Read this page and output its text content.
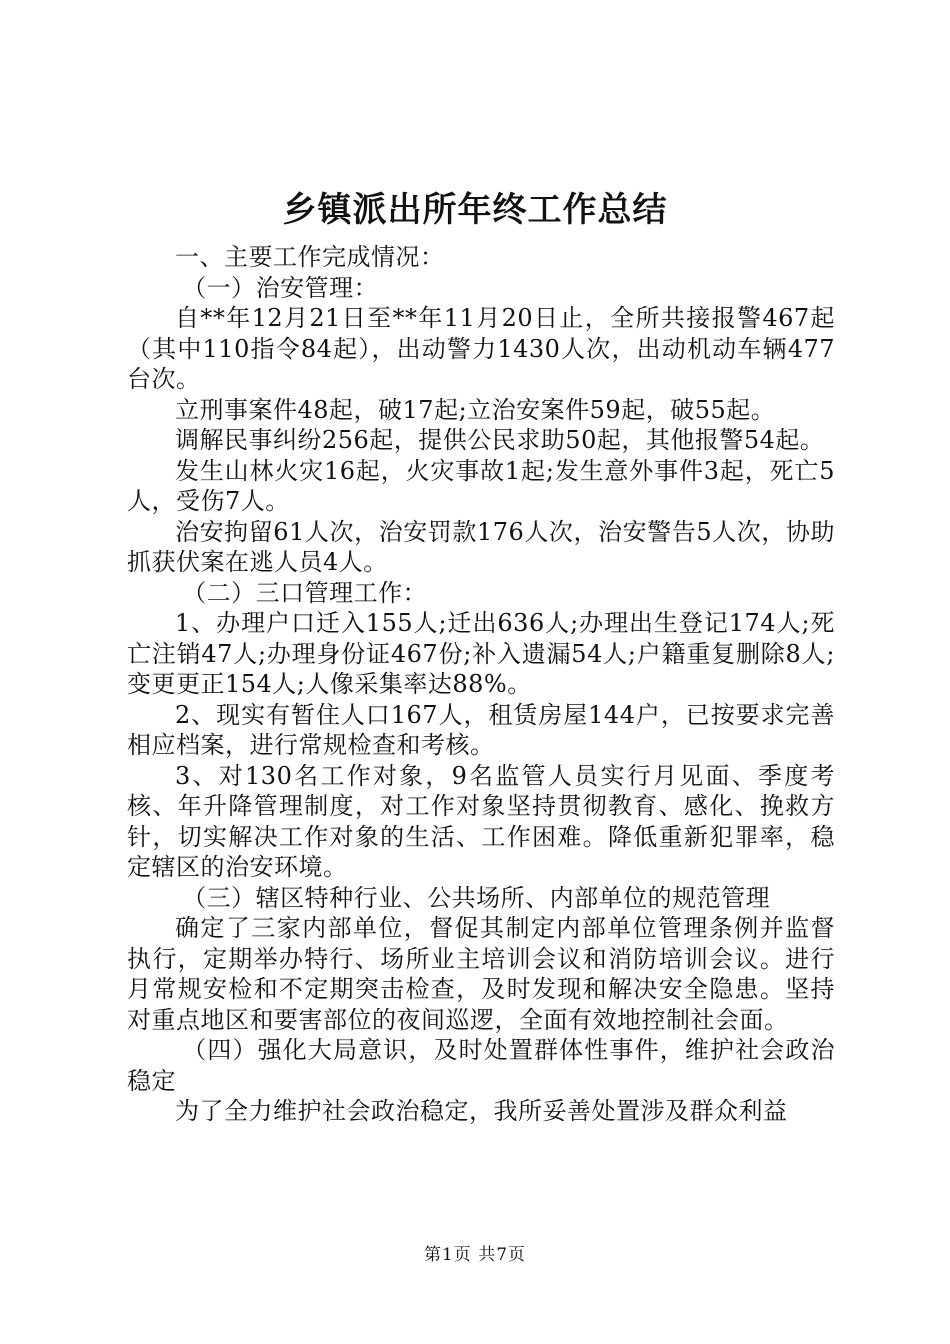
乡镇派出所年终工作总结

一、主要工作完成情况：

（一）治安管理：

自**年12月21日至**年11月20日止，全所共接报警467起（其中110指令84起），出动警力1430人次，出动机动车辆477台次。

立刑事案件48起，破17起;立治安案件59起，破55起。

调解民事纠纷256起，提供公民求助50起，其他报警54起。

发生山林火灾16起，火灾事故1起;发生意外事件3起，死亡5人，受伤7人。

治安拘留61人次，治安罚款176人次，治安警告5人次，协助抓获伏案在逃人员4人。

（二）三口管理工作：

1、办理户口迁入155人;迁出636人;办理出生登记174人;死亡注销47人;办理身份证467份;补入遗漏54人;户籍重复删除8人;变更更正154人;人像采集率达88%。

2、现实有暂住人口167人，租赁房屋144户，已按要求完善相应档案，进行常规检查和考核。

3、对130名工作对象，9名监管人员实行月见面、季度考核、年升降管理制度，对工作对象坚持贯彻教育、感化、挽救方针，切实解决工作对象的生活、工作困难。降低重新犯罪率，稳定辖区的治安环境。

（三）辖区特种行业、公共场所、内部单位的规范管理

确定了三家内部单位，督促其制定内部单位管理条例并监督执行，定期举办特行、场所业主培训会议和消防培训会议。进行月常规安检和不定期突击检查，及时发现和解决安全隐患。坚持对重点地区和要害部位的夜间巡逻，全面有效地控制社会面。

（四）强化大局意识，及时处置群体性事件，维护社会政治稳定

为了全力维护社会政治稳定，我所妥善处置涉及群众利益

第1页 共7页
